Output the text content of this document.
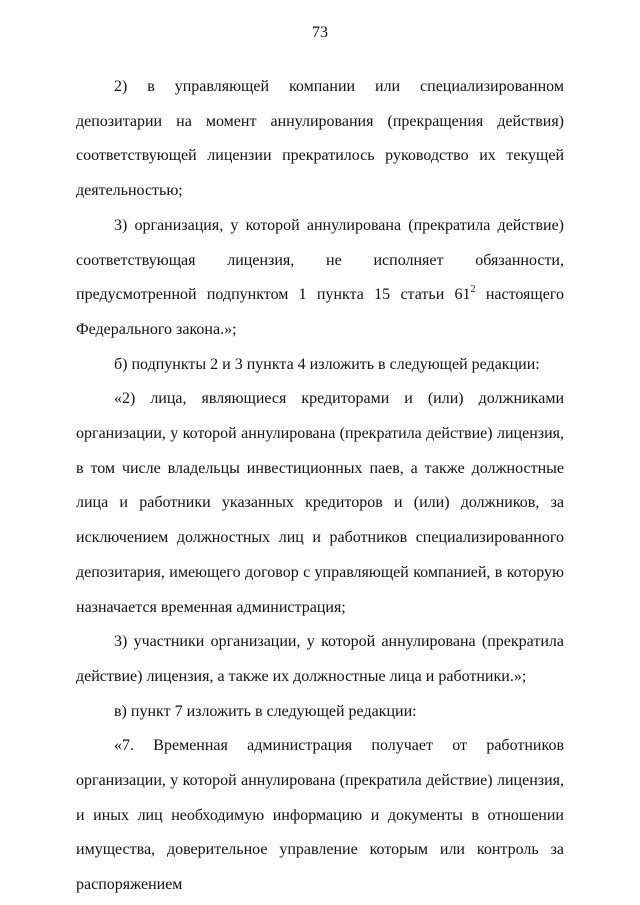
73

2) в управляющей компании или специализированном депозитарии на момент аннулирования (прекращения действия) соответствующей лицензии прекратилось руководство их текущей деятельностью;

3) организация, у которой аннулирована (прекратила действие) соответствующая лицензия, не исполняет обязанности, предусмотренной подпунктом 1 пункта 15 статьи $61^2$ настоящего Федерального закона.»;

б) подпункты 2 и 3 пункта 4 изложить в следующей редакции:

«2) лица, являющиеся кредиторами и (или) должниками организации, у которой аннулирована (прекратила действие) лицензия, в том числе владельцы инвестиционных паев, а также должностные лица и работники указанных кредиторов и (или) должников, за исключением должностных лиц и работников специализированного депозитария, имеющего договор с управляющей компанией, в которую назначается временная администрация;

3) участники организации, у которой аннулирована (прекратила действие) лицензия, а также их должностные лица и работники.»;

в) пункт 7 изложить в следующей редакции:

«7. Временная администрация получает от работников организации, у которой аннулирована (прекратила действие) лицензия, и иных лиц необходимую информацию и документы в отношении имущества, доверительное управление которым или контроль за распоряжением
